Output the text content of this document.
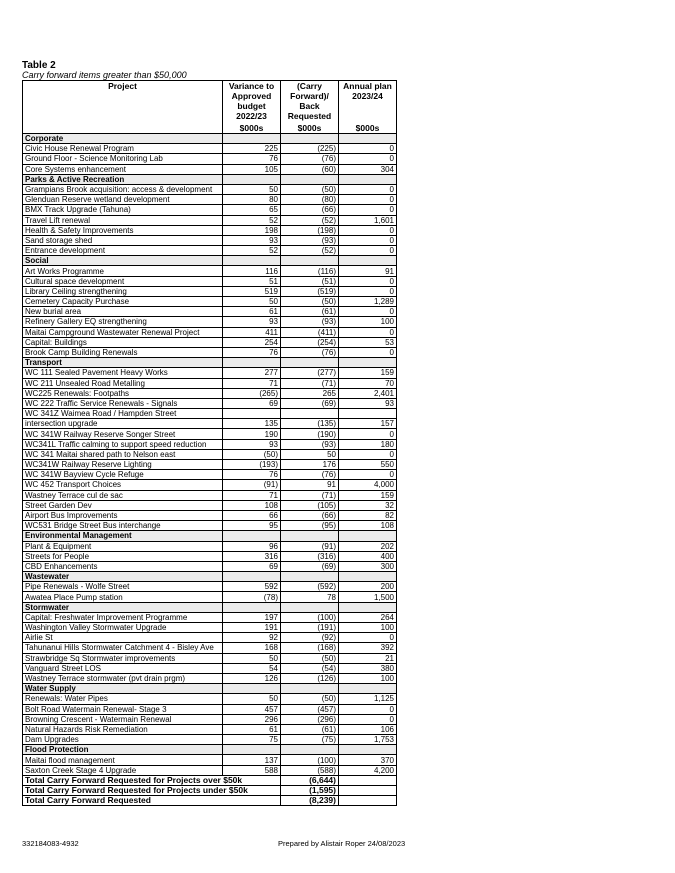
Table 2
Carry forward items greater than $50,000
Project	Variance to Approved budget 2022/23	(Carry Forward)/ Back Requested	Annual plan 2023/24
	$000s	$000s	$000s
Corporate			
Civic House Renewal Program	225	(225)	0
Ground Floor - Science Monitoring Lab	76	(76)	0
Core Systems enhancement	105	(60)	304
Parks & Active Recreation			
Grampians Brook acquisition: access & development	50	(50)	0
Glenduan Reserve wetland development	80	(80)	0
BMX Track Upgrade (Tahuna)	65	(66)	0
Travel Lift renewal	52	(52)	1,601
Health & Safety Improvements	198	(198)	0
Sand storage shed	93	(93)	0
Entrance development	52	(52)	0
Social			
Art Works Programme	116	(116)	91
Cultural space development	51	(51)	0
Library Ceiling strengthening	519	(519)	0
Cemetery Capacity Purchase	50	(50)	1,289
New burial area	61	(61)	0
Refinery Gallery EQ strengthening	93	(93)	100
Maitai Campground Wastewater Renewal Project	411	(411)	0
Capital: Buildings	254	(254)	53
Brook Camp Building Renewals	76	(76)	0
Transport			
WC 111 Sealed Pavement Heavy Works	277	(277)	159
WC 211 Unsealed Road Metalling	71	(71)	70
WC225 Renewals: Footpaths	(265)	265	2,401
WC 222 Traffic Service Renewals - Signals	69	(69)	93
WC 341Z Waimea Road / Hampden Street			
intersection upgrade	135	(135)	157
WC 341W Railway Reserve Songer Street	190	(190)	0
WC341L Traffic calming to support speed reduction	93	(93)	180
WC 341 Maitai shared path to Nelson east	(50)	50	0
WC341W Railway Reserve Lighting	(193)	176	550
WC 341W Bayview Cycle Refuge	76	(76)	0
WC 452 Transport Choices	(91)	91	4,000
Wastney Terrace cul de sac	71	(71)	159
Street Garden Dev	108	(105)	32
Airport Bus Improvements	66	(66)	82
WC531 Bridge Street Bus interchange	95	(95)	108
Environmental Management			
Plant & Equipment	96	(91)	202
Streets for People	316	(316)	400
CBD Enhancements	69	(69)	300
Wastewater			
Pipe Renewals - Wolfe Street	592	(592)	200
Awatea Place Pump station	(78)	78	1,500
Stormwater			
Capital: Freshwater Improvement Programme	197	(100)	264
Washington Valley Stormwater Upgrade	191	(191)	100
Airlie St	92	(92)	0
Tahunanui Hills Stormwater Catchment 4 - Bisley Ave	168	(168)	392
Strawbridge Sq Stormwater improvements	50	(50)	21
Vanguard Street LOS	54	(54)	380
Wastney Terrace stormwater (pvt drain prgm)	126	(126)	100
Water Supply			
Renewals: Water Pipes	50	(50)	1,125
Bolt Road Watermain Renewal- Stage 3	457	(457)	0
Browning Crescent - Watermain Renewal	296	(296)	0
Natural Hazards Risk Remediation	61	(61)	106
Dam Upgrades	75	(75)	1,753
Flood Protection			
Maitai flood management	137	(100)	370
Saxton Creek Stage 4 Upgrade	588	(588)	4,200
Total Carry Forward Requested for Projects over $50k		(6,644)	
Total Carry Forward Requested for Projects under $50k		(1,595)	
Total Carry Forward Requested		(8,239)	
332184083-4932	Prepared by Alistair Roper 24/08/2023
